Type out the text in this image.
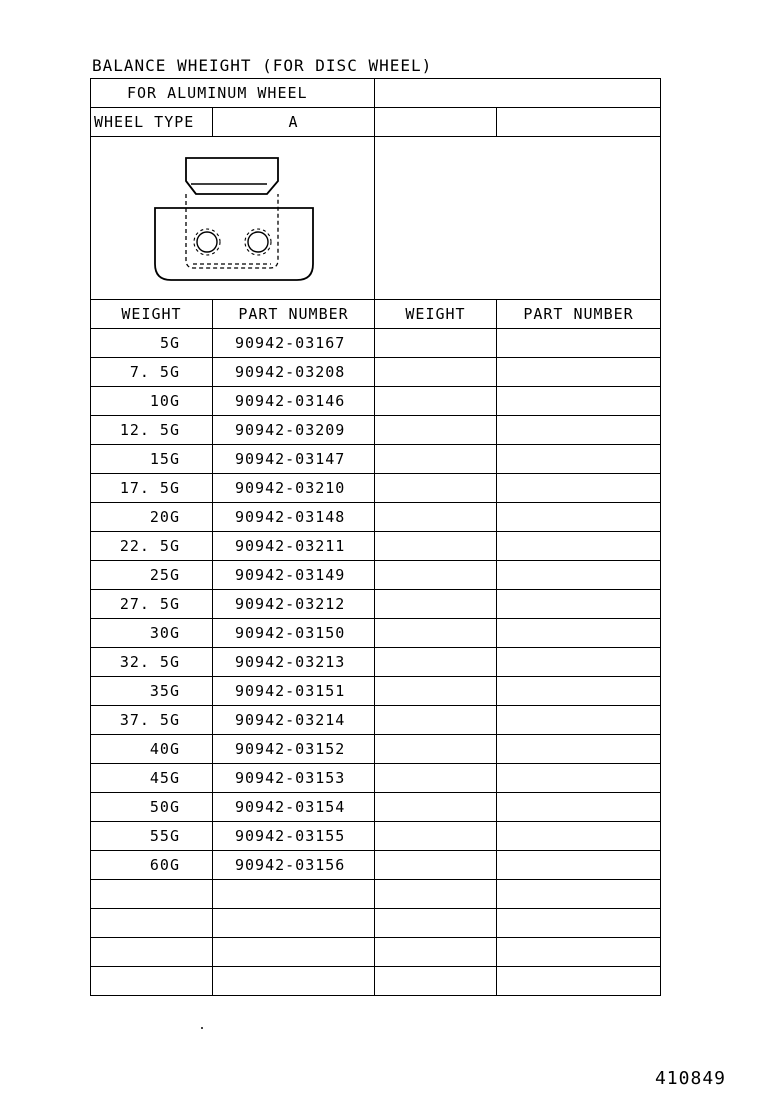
BALANCE WHEIGHT (FOR DISC WHEEL)
FOR ALUMINUM WHEEL			
WHEEL TYPE	A		

WEIGHT	PART NUMBER	WEIGHT	PART NUMBER
5G	90942-03167		
7. 5G	90942-03208		
10G	90942-03146		
12. 5G	90942-03209		
15G	90942-03147		
17. 5G	90942-03210		
20G	90942-03148		
22. 5G	90942-03211		
25G	90942-03149		
27. 5G	90942-03212		
30G	90942-03150		
32. 5G	90942-03213		
35G	90942-03151		
37. 5G	90942-03214		
40G	90942-03152		
45G	90942-03153		
50G	90942-03154		
55G	90942-03155		
60G	90942-03156		

410849
